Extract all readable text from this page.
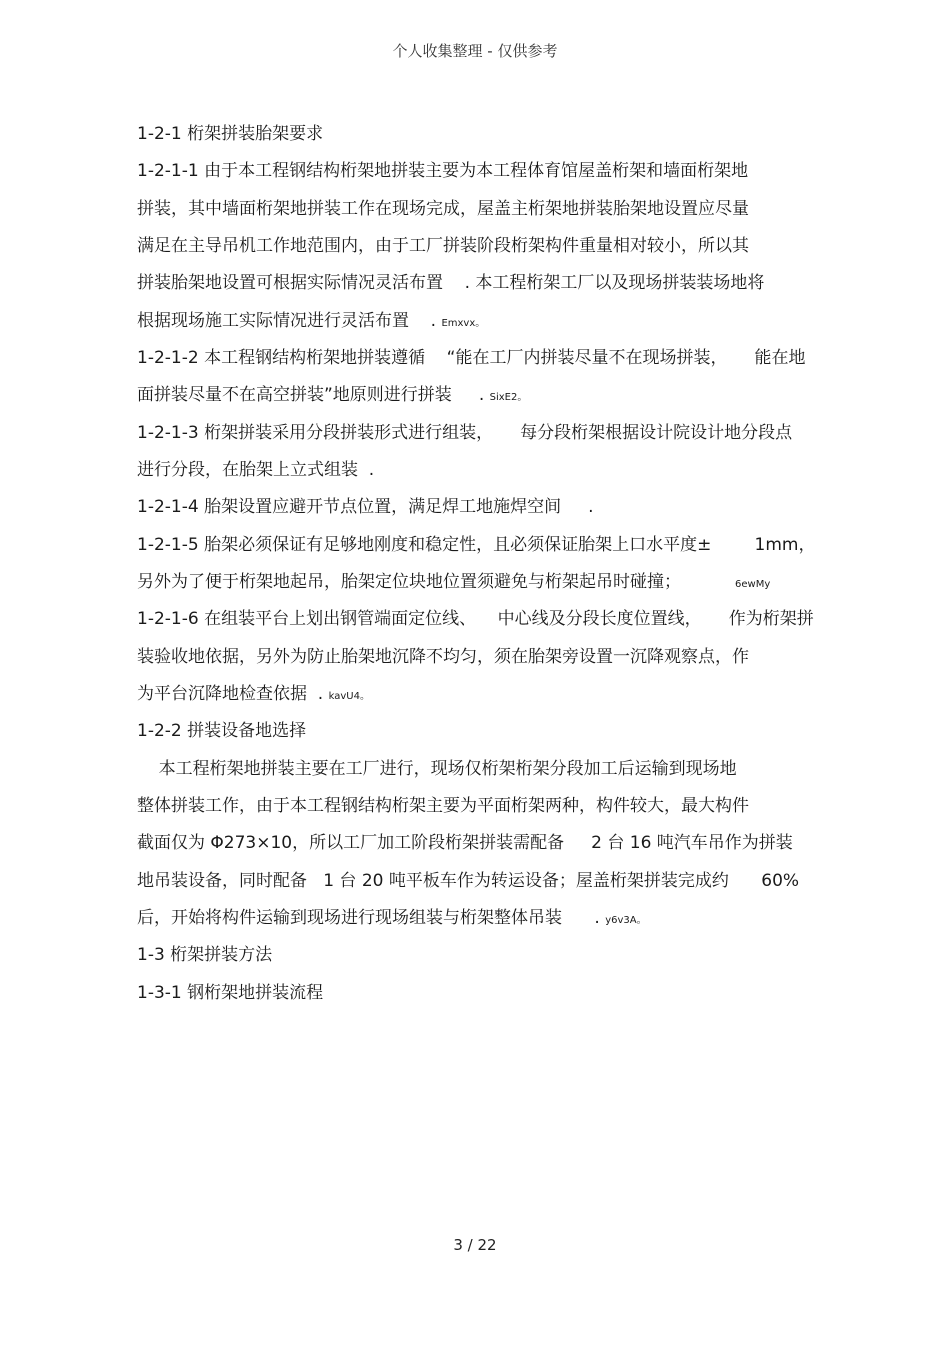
个人收集整理 - 仅供参考
1-2-1 桁架拼装胎架要求
1-2-1-1 由于本工程钢结构桁架地拼装主要为本工程体育馆屋盖桁架和墙面桁架地
拼装，其中墙面桁架地拼装工作在现场完成，屋盖主桁架地拼装胎架地设置应尽量
满足在主导吊机工作地范围内，由于工厂拼装阶段桁架构件重量相对较小，所以其
拼装胎架地设置可根据实际情况灵活布置    . 本工程桁架工厂以及现场拼装装场地将
根据现场施工实际情况进行灵活布置    . Emxvx。
1-2-1-2 本工程钢结构桁架地拼装遵循    “能在工厂内拼装尽量不在现场拼装，     能在地
面拼装尽量不在高空拼装”地原则进行拼装     . SixE2。
1-2-1-3 桁架拼装采用分段拼装形式进行组装，     每分段桁架根据设计院设计地分段点
进行分段，在胎架上立式组装  .
1-2-1-4 胎架设置应避开节点位置，满足焊工地施焊空间     .
1-2-1-5 胎架必须保证有足够地刚度和稳定性，且必须保证胎架上口水平度±        1mm，
另外为了便于桁架地起吊，胎架定位块地位置须避免与桁架起吊时碰撞；          6ewMy
1-2-1-6 在组装平台上划出钢管端面定位线、    中心线及分段长度位置线，     作为桁架拼
装验收地依据，另外为防止胎架地沉降不均匀，须在胎架旁设置一沉降观察点，作
为平台沉降地检查依据  . kavU4。
1-2-2 拼装设备地选择
本工程桁架地拼装主要在工厂进行，现场仅桁架桁架分段加工后运输到现场地
整体拼装工作，由于本工程钢结构桁架主要为平面桁架两种，构件较大，最大构件
截面仅为 Φ273×10，所以工厂加工阶段桁架拼装需配备     2 台 16 吨汽车吊作为拼装
地吊装设备，同时配备   1 台 20 吨平板车作为转运设备；屋盖桁架拼装完成约      60%
后，开始将构件运输到现场进行现场组装与桁架整体吊装      . y6v3A。
1-3 桁架拼装方法
1-3-1 钢桁架地拼装流程
3 / 22
